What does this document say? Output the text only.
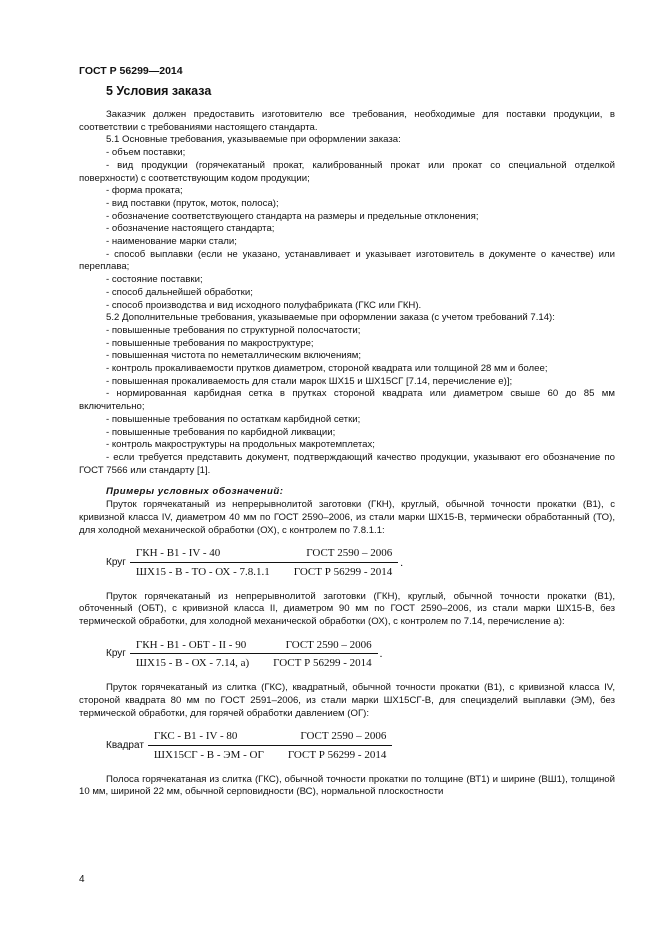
ГОСТ Р 56299—2014
5 Условия заказа

Заказчик должен предоставить изготовителю все требования, необходимые для поставки продукции, в соответствии с требованиями настоящего стандарта.

5.1 Основные требования, указываемые при оформлении заказа:

- объем поставки;

- вид продукции (горячекатаный прокат, калиброванный прокат или прокат со специальной отделкой поверхности) с соответствующим кодом продукции;

- форма проката;

- вид поставки (пруток, моток, полоса);

- обозначение соответствующего стандарта на размеры и предельные отклонения;

- обозначение настоящего стандарта;

- наименование марки стали;

- способ выплавки (если не указано, устанавливает и указывает изготовитель в документе о качестве) или переплава;

- состояние поставки;

- способ дальнейшей обработки;

- способ производства и вид исходного полуфабриката (ГКС или ГКН).

5.2 Дополнительные требования, указываемые при оформлении заказа (с учетом требований 7.14):

- повышенные требования по структурной полосчатости;

- повышенные требования по макроструктуре;

- повышенная чистота по неметаллическим включениям;

- контроль прокаливаемости прутков диаметром, стороной квадрата или толщиной 28 мм и более;

- повышенная прокаливаемость для стали марок ШХ15 и ШХ15СГ [7.14, перечисление е)];

- нормированная карбидная сетка в прутках стороной квадрата или диаметром свыше 60 до 85 мм включительно;

- повышенные требования по остаткам карбидной сетки;

- повышенные требования по карбидной ликвации;

- контроль макроструктуры на продольных макротемплетах;

- если требуется представить документ, подтверждающий качество продукции, указывают его обозначение по ГОСТ 7566 или стандарту [1].

Примеры условных обозначений:

Пруток горячекатаный из непрерывнолитой заготовки (ГКН), круглый, обычной точности прокатки (В1), с кривизной класса IV, диаметром 40 мм по ГОСТ 2590–2006, из стали марки ШХ15-В, термически обработанный (ТО), для холодной механической обработки (ОХ), с контролем по 7.8.1.1:

Круг ГКН - В1 - IV - 40	ГОСТ 2590 – 2006
ШХ15 - В - ТО - ОХ - 7.8.1.1 ГОСТ Р 56299 - 2014 .

Пруток горячекатаный из непрерывнолитой заготовки (ГКН), круглый, обычной точности прокатки (В1), обточенный (ОБТ), с кривизной класса II, диаметром 90 мм по ГОСТ 2590–2006, из стали марки ШХ15-В, без термической обработки, для холодной механической обработки (ОХ), с контролем по 7.14, перечисление а):

Круг ГКН - В1 - ОБТ - II - 90	ГОСТ 2590 – 2006
ШХ15 - В - ОХ - 7.14, а) ГОСТ Р 56299 - 2014 .

Пруток горячекатаный из слитка (ГКС), квадратный, обычной точности прокатки (В1), с кривизной класса IV, стороной квадрата 80 мм по ГОСТ 2591–2006, из стали марки ШХ15СГ-В, для специзделий выплавки (ЭМ), без термической обработки, для горячей обработки давлением (ОГ):

Квадрат ГКС - В1 - IV - 80	ГОСТ 2590 – 2006
ШХ15СГ - В - ЭМ - ОГ ГОСТ Р 56299 - 2014

Полоса горячекатаная из слитка (ГКС), обычной точности прокатки по толщине (ВТ1) и ширине (ВШ1), толщиной 10 мм, шириной 22 мм, обычной серповидности (ВС), нормальной плоскостности

4
